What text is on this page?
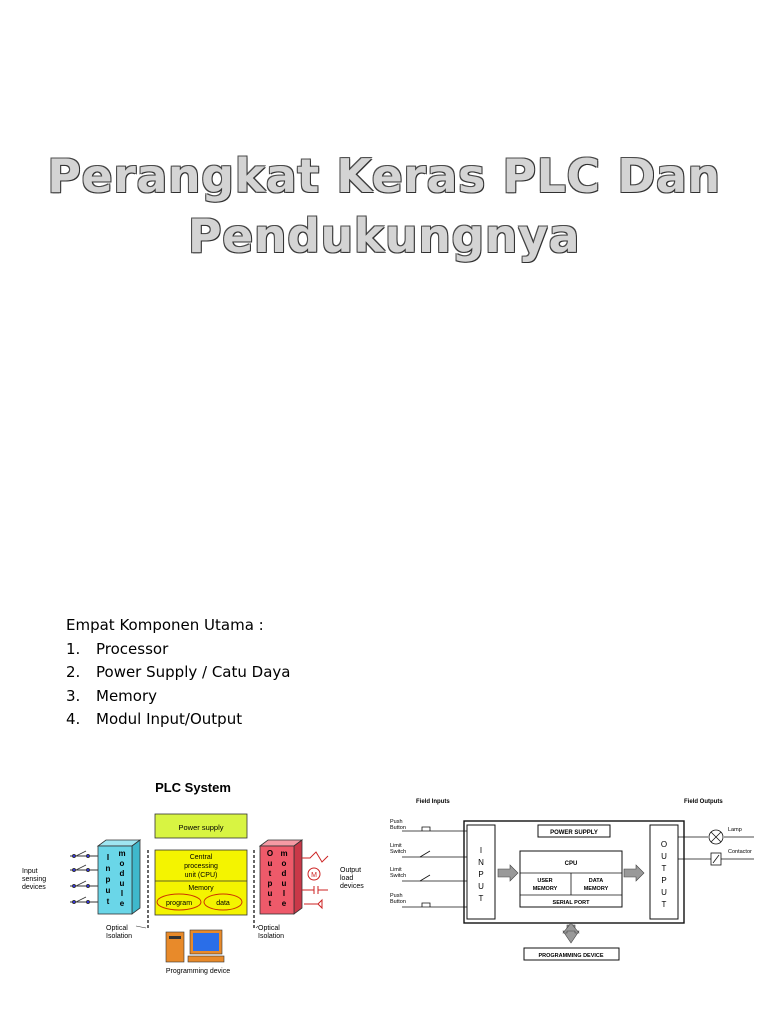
Perangkat Keras PLC Dan
Pendukungnya
Empat Komponen Utama :
1.	Processor
2.	Power Supply / Catu Daya
3.	Memory
4.	Modul Input/Output
PLC System
Power supply
Central
processing
unit (CPU)
Memory
program	data
I
n
p
u
t
m
o
d
u
l
e
O
u
t
p
u
t
m
o
d
u
l
e
Input
sensing
devices
M
Output
load
devices
Optical
Isolation
Optical
Isolation
Programming device
Field Inputs	Field Outputs
I
N
P
U
T
O
U
T
P
U
T
POWER SUPPLY
CPU
USER
MEMORY
DATA
MEMORY
SERIAL PORT
PROGRAMMING DEVICE
Push
Button
Limit
Switch
Limit
Switch
Push
Button
Lamp
Contactor
